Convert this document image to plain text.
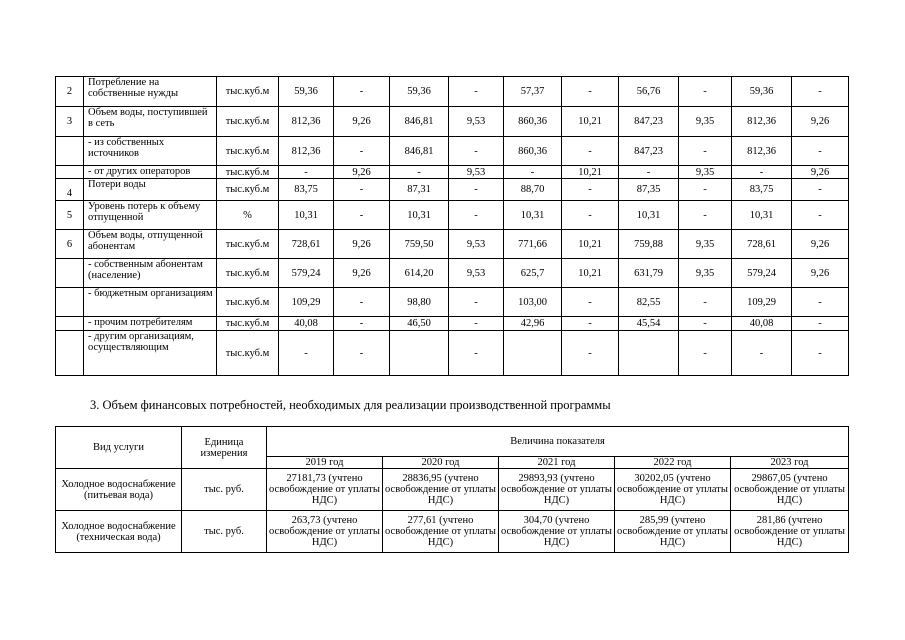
2	Потребление на собственные нужды	тыс.куб.м	59,36	-	59,36	-	57,37	-	56,76	-	59,36	-
3	Объем воды, поступившей в сеть	тыс.куб.м	812,36	9,26	846,81	9,53	860,36	10,21	847,23	9,35	812,36	9,26
	- из собственных источников	тыс.куб.м	812,36	-	846,81	-	860,36	-	847,23	-	812,36	-
	- от других операторов	тыс.куб.м	-	9,26	-	9,53	-	10,21	-	9,35	-	9,26
4	Потери воды	тыс.куб.м	83,75	-	87,31	-	88,70	-	87,35	-	83,75	-
5	Уровень потерь к объему отпущенной	%	10,31	-	10,31	-	10,31	-	10,31	-	10,31	-
6	Объем воды, отпущенной абонентам	тыс.куб.м	728,61	9,26	759,50	9,53	771,66	10,21	759,88	9,35	728,61	9,26
	- собственным абонентам (население)	тыс.куб.м	579,24	9,26	614,20	9,53	625,7	10,21	631,79	9,35	579,24	9,26
	- бюджетным организациям	тыс.куб.м	109,29	-	98,80	-	103,00	-	82,55	-	109,29	-
	- прочим потребителям	тыс.куб.м	40,08	-	46,50	-	42,96	-	45,54	-	40,08	-
	- другим организациям, осуществляющим	тыс.куб.м	-	-		-		-		-	-	-
3. Объем финансовых потребностей, необходимых для реализации производственной программы
Вид услуги	Единица измерения	Величина показателя				
		2019 год	2020 год	2021 год	2022 год	2023 год
Холодное водоснабжение (питьевая вода)	тыс. руб.	27181,73 (учтено освобождение от уплаты НДС)	28836,95 (учтено освобождение от уплаты НДС)	29893,93 (учтено освобождение от уплаты НДС)	30202,05 (учтено освобождение от уплаты НДС)	29867,05 (учтено освобождение от уплаты НДС)
Холодное водоснабжение (техническая вода)	тыс. руб.	263,73 (учтено освобождение от уплаты НДС)	277,61 (учтено освобождение от уплаты НДС)	304,70 (учтено освобождение от уплаты НДС)	285,99 (учтено освобождение от уплаты НДС)	281,86 (учтено освобождение от уплаты НДС)
